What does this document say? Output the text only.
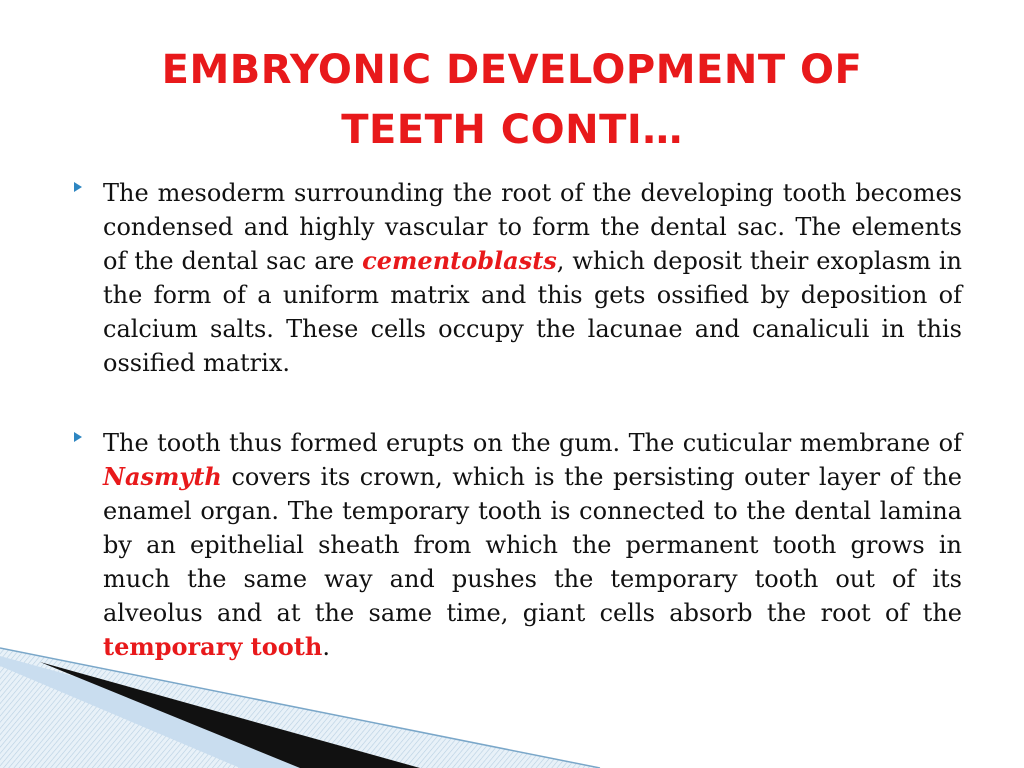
EMBRYONIC DEVELOPMENT OF
TEETH CONTI…
The mesoderm surrounding the root of the developing tooth becomes condensed and highly vascular to form the dental sac. The elements of the dental sac are cementoblasts, which deposit their exoplasm in the form of a uniform matrix and this gets ossified by deposition of calcium salts. These cells occupy the lacunae and canaliculi in this ossified matrix.
The tooth thus formed erupts on the gum. The cuticular membrane of Nasmyth covers its crown, which is the persisting outer layer of the enamel organ. The temporary tooth is connected to the dental lamina by an epithelial sheath from which the permanent tooth grows in much the same way and pushes the temporary tooth out of its alveolus and at the same time, giant cells absorb the root of the temporary tooth.
